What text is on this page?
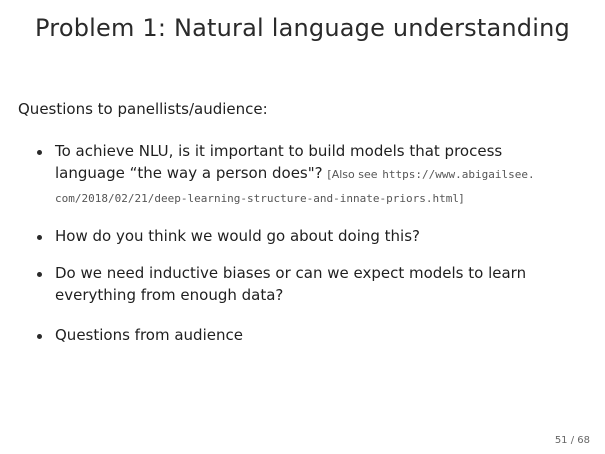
Problem 1: Natural language understanding
Questions to panellists/audience:
To achieve NLU, is it important to build models that process
language “the way a person does"? [Also see https://www.abigailsee.
com/2018/02/21/deep-learning-structure-and-innate-priors.html]
How do you think we would go about doing this?
Do we need inductive biases or can we expect models to learn
everything from enough data?
Questions from audience
51 / 68
